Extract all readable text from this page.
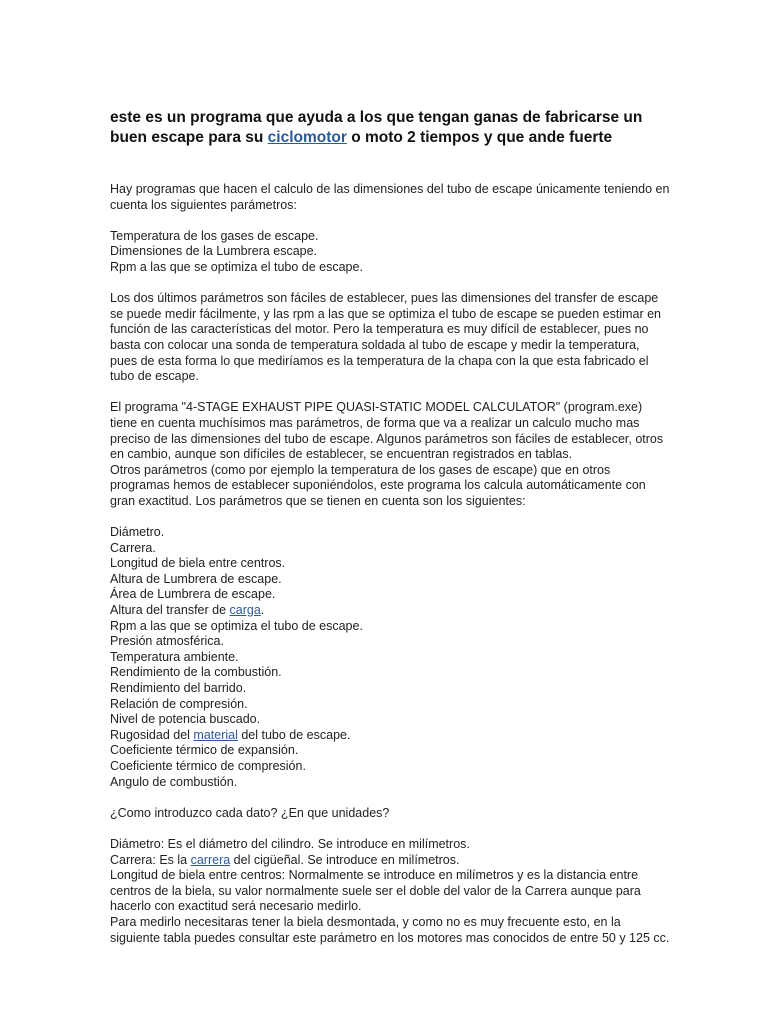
este es un programa que ayuda a los que tengan ganas de fabricarse un buen escape para su ciclomotor o moto 2 tiempos y que ande fuerte

Hay programas que hacen el calculo de las dimensiones del tubo de escape únicamente teniendo en cuenta los siguientes parámetros:

Temperatura de los gases de escape.
Dimensiones de la Lumbrera escape.
Rpm a las que se optimiza el tubo de escape.

Los dos últimos parámetros son fáciles de establecer, pues las dimensiones del transfer de escape se puede medir fácilmente, y las rpm a las que se optimiza el tubo de escape se pueden estimar en función de las características del motor. Pero la temperatura es muy difícil de establecer, pues no basta con colocar una sonda de temperatura soldada al tubo de escape y medir la temperatura, pues de esta forma lo que mediríamos es la temperatura de la chapa con la que esta fabricado el tubo de escape.

El programa "4-STAGE EXHAUST PIPE QUASI-STATIC MODEL CALCULATOR" (program.exe) tiene en cuenta muchísimos mas parámetros, de forma que va a realizar un calculo mucho mas preciso de las dimensiones del tubo de escape. Algunos parámetros son fáciles de establecer, otros en cambio, aunque son difíciles de establecer, se encuentran registrados en tablas.
Otros parámetros (como por ejemplo la temperatura de los gases de escape) que en otros programas hemos de establecer suponiéndolos, este programa los calcula automáticamente con gran exactitud. Los parámetros que se tienen en cuenta son los siguientes:

Diámetro.
Carrera.
Longitud de biela entre centros.
Altura de Lumbrera de escape.
Área de Lumbrera de escape.
Altura del transfer de carga.
Rpm a las que se optimiza el tubo de escape.
Presión atmosférica.
Temperatura ambiente.
Rendimiento de la combustión.
Rendimiento del barrido.
Relación de compresión.
Nivel de potencia buscado.
Rugosidad del material del tubo de escape.
Coeficiente térmico de expansión.
Coeficiente térmico de compresión.
Angulo de combustión.

¿Como introduzco cada dato? ¿En que unidades?

Diámetro: Es el diámetro del cilindro. Se introduce en milímetros.
Carrera: Es la carrera del cigüeñal. Se introduce en milímetros.
Longitud de biela entre centros: Normalmente se introduce en milímetros y es la distancia entre centros de la biela, su valor normalmente suele ser el doble del valor de la Carrera aunque para hacerlo con exactitud será necesario medirlo.
Para medirlo necesitaras tener la biela desmontada, y como no es muy frecuente esto, en la siguiente tabla puedes consultar este parámetro en los motores mas conocidos de entre 50 y 125 cc.
